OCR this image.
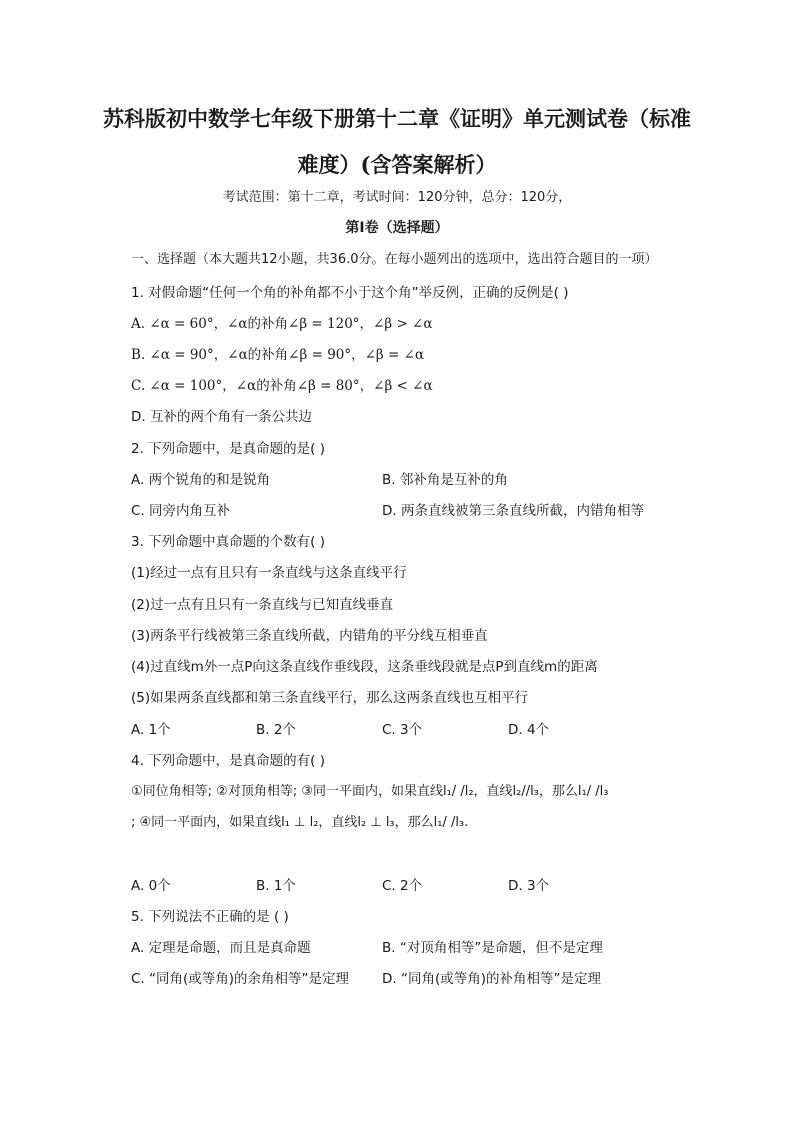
苏科版初中数学七年级下册第十二章《证明》单元测试卷（标准
难度）(含答案解析）
考试范围：第十二章，考试时间：120分钟，总分：120分，
第I卷（选择题）
一、选择题（本大题共12小题，共36.0分。在每小题列出的选项中，选出符合题目的一项）
1. 对假命题“任何一个角的补角都不小于这个角”举反例，正确的反例是( )
A. ∠α = 60°，∠α的补角∠β = 120°，∠β > ∠α
B. ∠α = 90°，∠α的补角∠β = 90°，∠β = ∠α
C. ∠α = 100°，∠α的补角∠β = 80°，∠β < ∠α
D. 互补的两个角有一条公共边
2. 下列命题中，是真命题的是( )
A. 两个锐角的和是锐角	B. 邻补角是互补的角
C. 同旁内角互补	D. 两条直线被第三条直线所截，内错角相等
3. 下列命题中真命题的个数有( )
(1)经过一点有且只有一条直线与这条直线平行
(2)过一点有且只有一条直线与已知直线垂直
(3)两条平行线被第三条直线所截，内错角的平分线互相垂直
(4)过直线m外一点P向这条直线作垂线段，这条垂线段就是点P到直线m的距离
(5)如果两条直线都和第三条直线平行，那么这两条直线也互相平行
A. 1个	B. 2个	C. 3个	D. 4个
4. 下列命题中，是真命题的有( )
①同位角相等; ②对顶角相等; ③同一平面内，如果直线l₁/ /l₂，直线l₂//l₃，那么l₁/ /l₃
; ④同一平面内，如果直线l₁ ⊥ l₂，直线l₂ ⊥ l₃，那么l₁/ /l₃.
A. 0个	B. 1个	C. 2个	D. 3个
5. 下列说法不正确的是 ( )
A. 定理是命题，而且是真命题	B. “对顶角相等”是命题，但不是定理
C. “同角(或等角)的余角相等”是定理 D. “同角(或等角)的补角相等”是定理
